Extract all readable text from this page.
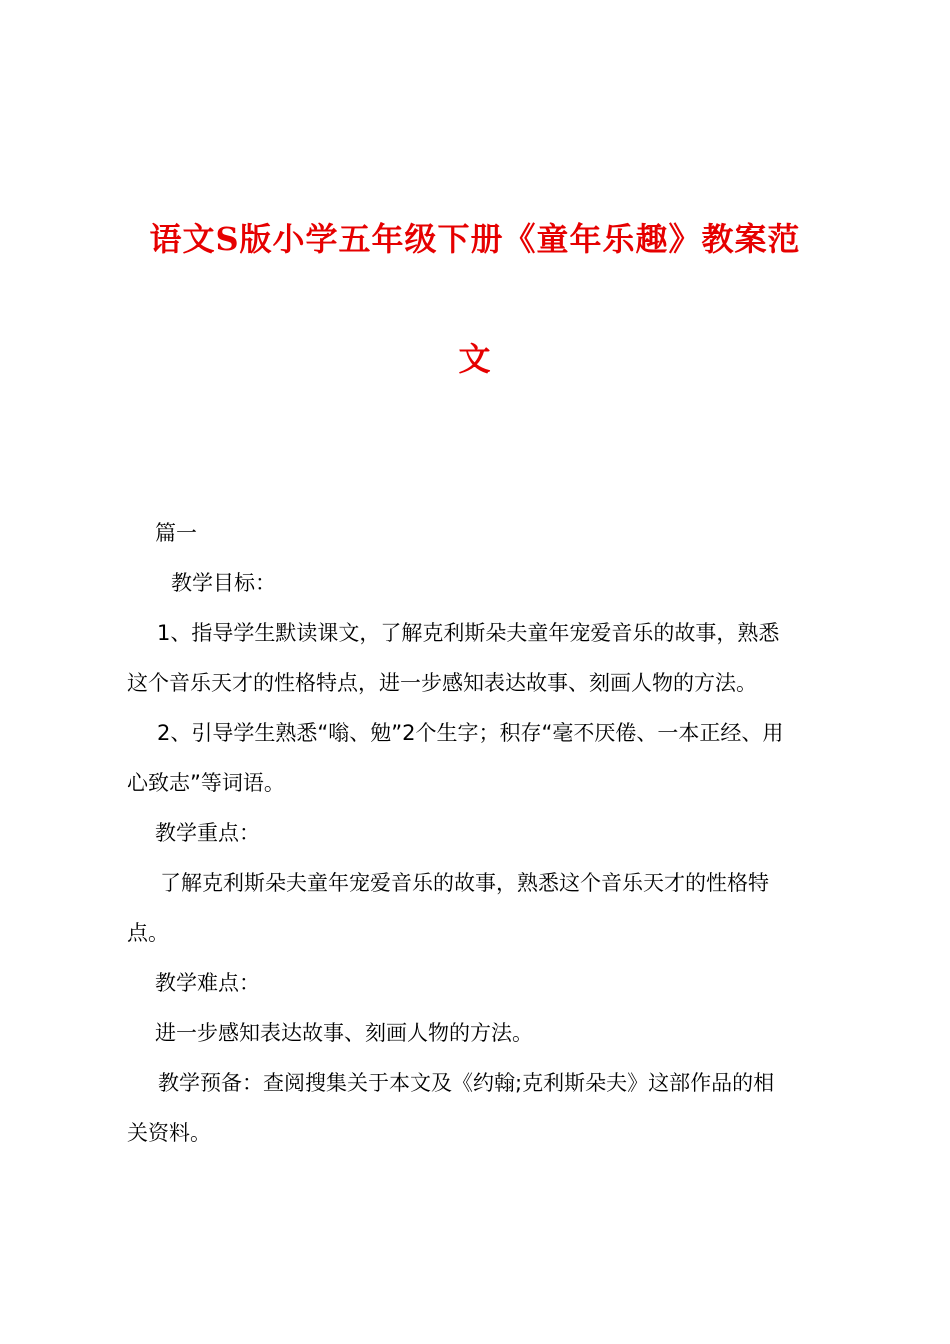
语文S版小学五年级下册《童年乐趣》教案范
文
篇一
教学目标：
1、指导学生默读课文，了解克利斯朵夫童年宠爱音乐的故事，熟悉
这个音乐天才的性格特点，进一步感知表达故事、刻画人物的方法。
2、引导学生熟悉“嗡、勉”2个生字；积存“毫不厌倦、一本正经、用
心致志”等词语。
教学重点：
了解克利斯朵夫童年宠爱音乐的故事，熟悉这个音乐天才的性格特
点。
教学难点：
进一步感知表达故事、刻画人物的方法。
教学预备：查阅搜集关于本文及《约翰;克利斯朵夫》这部作品的相
关资料。
